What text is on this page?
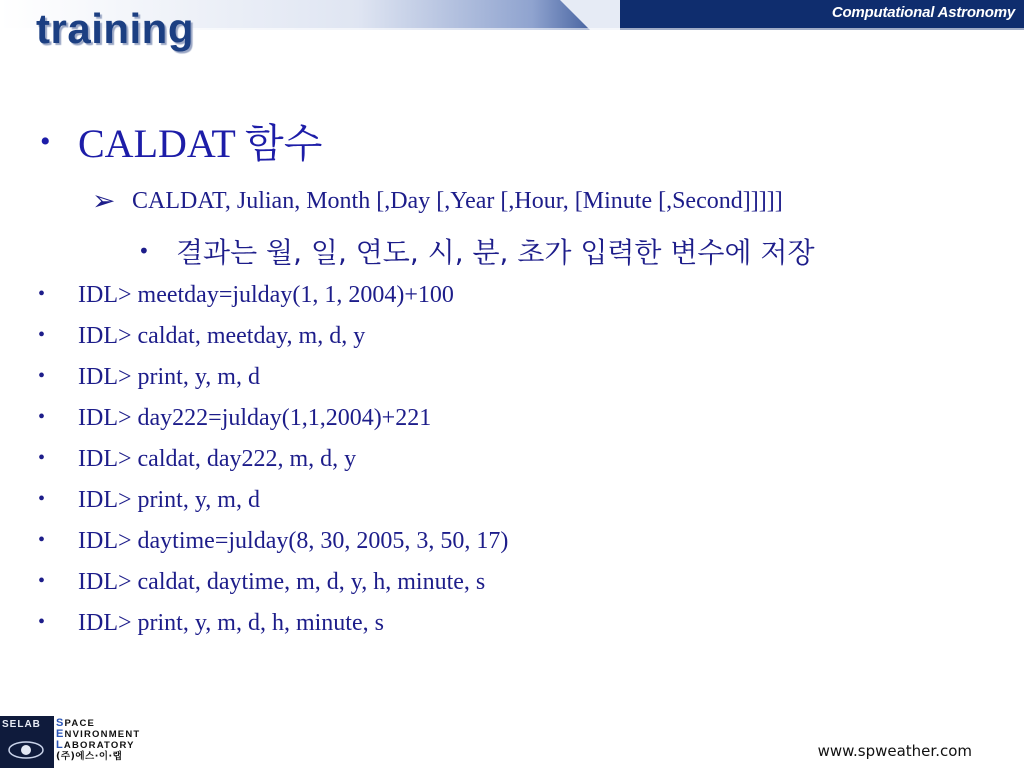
Computational Astronomy
training
• CALDAT 함수
➢ CALDAT, Julian, Month [,Day [,Year [,Hour, [Minute [,Second]]]]]
• 결과는 월, 일, 연도, 시, 분, 초가 입력한 변수에 저장
• IDL> meetday=julday(1, 1, 2004)+100
• IDL> caldat, meetday, m, d, y
• IDL> print, y, m, d
• IDL> day222=julday(1,1,2004)+221
• IDL> caldat, day222, m, d, y
• IDL> print, y, m, d
• IDL> daytime=julday(8, 30, 2005, 3, 50, 17)
• IDL> caldat, daytime, m, d, y, h, minute, s
• IDL> print, y, m, d, h, minute, s
SELAB SPACE
ENVIRONMENT
LABORATORY
(주)에스·이·랩	www.spweather.com
